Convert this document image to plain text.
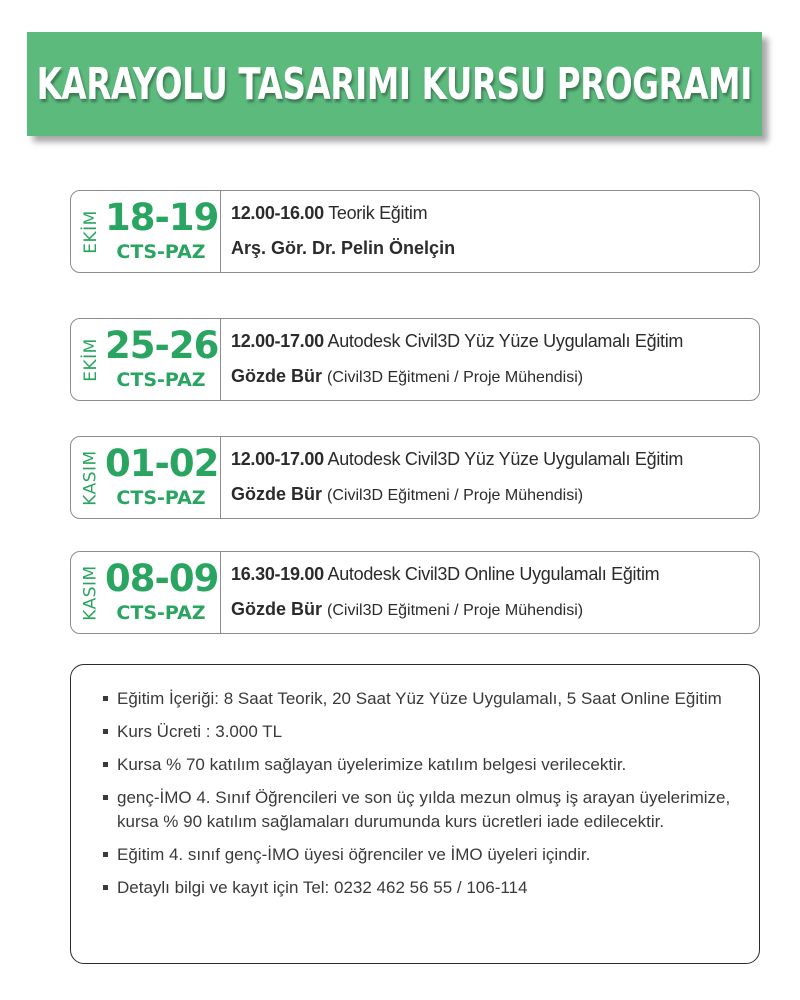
KARAYOLU TASARIMI KURSU PROGRAMI
EKİM 18-19
CTS-PAZ
12.00-16.00 Teorik Eğitim
Arş. Gör. Dr. Pelin Önelçin
EKİM 25-26
CTS-PAZ
12.00-17.00 Autodesk Civil3D Yüz Yüze Uygulamalı Eğitim
Gözde Bür (Civil3D Eğitmeni / Proje Mühendisi)
KASIM 01-02
CTS-PAZ
12.00-17.00 Autodesk Civil3D Yüz Yüze Uygulamalı Eğitim
Gözde Bür (Civil3D Eğitmeni / Proje Mühendisi)
KASIM 08-09
CTS-PAZ
16.30-19.00 Autodesk Civil3D Online Uygulamalı Eğitim
Gözde Bür (Civil3D Eğitmeni / Proje Mühendisi)
Eğitim İçeriği: 8 Saat Teorik, 20 Saat Yüz Yüze Uygulamalı, 5 Saat Online Eğitim
Kurs Ücreti : 3.000 TL
Kursa % 70 katılım sağlayan üyelerimize katılım belgesi verilecektir.
genç-İMO 4. Sınıf Öğrencileri ve son üç yılda mezun olmuş iş arayan üyelerimize, kursa % 90 katılım sağlamaları durumunda kurs ücretleri iade edilecektir.
Eğitim 4. sınıf genç-İMO üyesi öğrenciler ve İMO üyeleri içindir.
Detaylı bilgi ve kayıt için Tel: 0232 462 56 55 / 106-114
